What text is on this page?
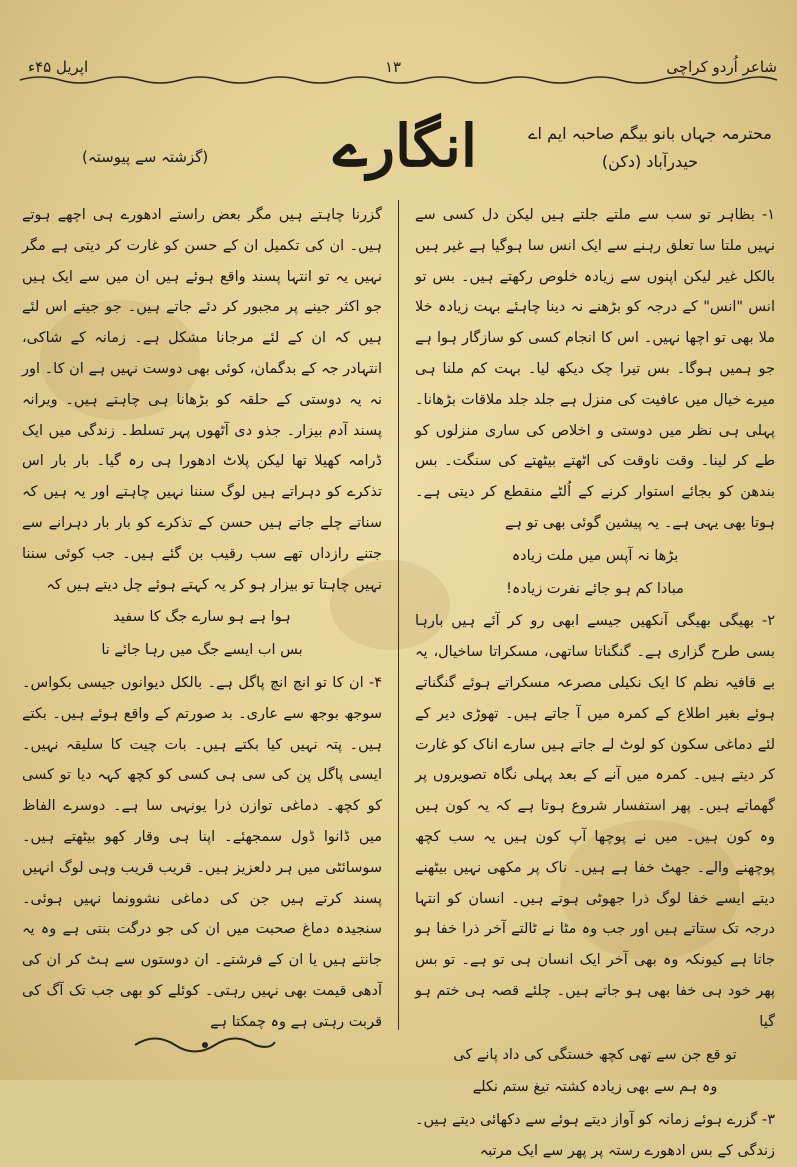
شاعر اُردو کراچی
۱۳
اپریل ۴۵ء
انگارے	محترمہ جہاں بانو بیگم صاحبہ ایم اے
حیدرآباد (دکن)
(گزشتہ سے پیوستہ)

۱- بظاہر تو سب سے ملتے جلتے ہیں لیکن دل کسی سے نہیں ملتا سا تعلق رہنے سے ایک انس سا ہوگیا ہے غیر ہیں بالکل غیر لیکن اپنوں سے زیادہ خلوص رکھتے ہیں۔ بس تو انس "انس" کے درجہ کو بڑھنے نہ دینا چاہئے بہت زیادہ خلا ملا بھی تو اچھا نہیں۔ اس کا انجام کسی کو سازگار ہوا ہے جو ہمیں ہوگا۔ بس تیرا چک دیکھ لیا۔ بہت کم ملنا ہی میرے خیال میں عافیت کی منزل ہے جلد جلد ملاقات بڑھانا۔ پہلی ہی نظر میں دوستی و اخلاص کی ساری منزلوں کو طے کر لینا۔ وقت ناوقت کی اٹھتے بیٹھتے کی سنگت۔ بس بندھن کو بجائے استوار کرنے کے اُلٹے منقطع کر دیتی ہے۔ ہوتا بھی یہی ہے۔ یہ پیشین گوئی بھی تو ہے

بڑھا نہ آپس میں ملت زیادہ

مبادا کم ہو جائے نفرت زیادہ!

۲- بھیگی بھیگی آنکھیں جیسے ابھی رو کر آئے ہیں بارہا بسی طرح گزاری ہے۔ گنگناتا ساتھی، مسکراتا ساخیال، یہ بے قافیہ نظم کا ایک نکیلی مصرعہ مسکراتے ہوئے گنگناتے ہوئے بغیر اطلاع کے کمرہ میں آ جاتے ہیں۔ تھوڑی دیر کے لئے دماغی سکون کو لوٹ لے جاتے ہیں سارے اناک کو غارت کر دیتے ہیں۔ کمرہ میں آنے کے بعد پہلی نگاہ تصویروں پر گھماتے ہیں۔ پھر استفسار شروع ہوتا ہے کہ یہ کون ہیں وہ کون ہیں۔ میں نے پوچھا آپ کون ہیں یہ سب کچھ پوچھنے والے۔ جھٹ خفا ہے ہیں۔ ناک پر مکھی نہیں بیٹھنے دیتے ایسے خفا لوگ ذرا جھوٹی ہوتے ہیں۔ انسان کو انتہا درجہ تک ستاتے ہیں اور جب وہ مٹا نے ٹالتے آخر ذرا خفا ہو جاتا ہے کیونکہ وہ بھی آخر ایک انسان ہی تو ہے۔ تو بس پھر خود ہی خفا بھی ہو جاتے ہیں۔ چلئے قصہ ہی ختم ہو گیا

تو قع جن سے تھی کچھ خستگی کی داد پانے کی

وہ ہم سے بھی زیادہ کشتہ تیغ ستم نکلے

۳- گزرے ہوئے زمانہ کو آواز دیتے ہوئے سے دکھائی دیتے ہیں۔ زندگی کے بس ادھورے رستہ پر پھر سے ایک مرتبہ

گزرنا چاہتے ہیں مگر بعض راستے ادھورے ہی اچھے ہوتے ہیں۔ ان کی تکمیل ان کے حسن کو غارت کر دیتی ہے مگر نہیں یہ تو انتہا پسند واقع ہوئے ہیں ان میں سے ایک ہیں جو اکثر جینے پر مجبور کر دئے جاتے ہیں۔ جو جیتے اس لئے ہیں کہ ان کے لئے مرجانا مشکل ہے۔ زمانہ کے شاکی، انتہادر جہ کے بدگمان، کوئی بھی دوست نہیں ہے ان کا۔ اور نہ یہ دوستی کے حلقہ کو بڑھانا ہی چاہتے ہیں۔ ویرانہ پسند آدم بیزار۔ جذو دی آٹھوں پہر تسلط۔ زندگی میں ایک ڈرامہ کھیلا تھا لیکن پلاٹ ادھورا ہی رہ گیا۔ بار بار اس تذکرے کو دہراتے ہیں لوگ سننا نہیں چاہتے اور یہ ہیں کہ سناتے چلے جاتے ہیں حسن کے تذکرے کو بار بار دہرانے سے جتنے رازداں تھے سب رقیب بن گئے ہیں۔ جب کوئی سننا نہیں چاہتا تو بیزار ہو کر یہ کہتے ہوئے چل دیتے ہیں کہ

ہوا ہے ہو سارے جگ کا سفید

بس اب ایسے جگ میں رہا جائے نا

۴- ان کا تو انچ انچ پاگل ہے۔ بالکل دیوانوں جیسی بکواس۔ سوجھ بوجھ سے عاری۔ بد صورتم کے واقع ہوئے ہیں۔ بکتے ہیں۔ پتہ نہیں کیا بکتے ہیں۔ بات چیت کا سلیقہ نہیں۔ ایسی پاگل پن کی سی ہی کسی کو کچھ کہہ دیا تو کسی کو کچھ۔ دماغی توازن ذرا یونہی سا ہے۔ دوسرے الفاظ میں ڈانوا ڈول سمجھئے۔ اپنا ہی وقار کھو بیٹھتے ہیں۔ سوسائٹی میں ہر دلعزیز ہیں۔ قریب قریب وہی لوگ انہیں پسند کرتے ہیں جن کی دماغی نشوونما نہیں ہوئی۔ سنجیدہ دماغ صحبت میں ان کی جو درگت بنتی ہے وہ یہ جانتے ہیں یا ان کے فرشتے۔ ان دوستوں سے ہٹ کر ان کی آدھی قیمت بھی نہیں رہتی۔ کوئلے کو بھی جب تک آگ کی قربت رہتی ہے وہ چمکتا ہے
